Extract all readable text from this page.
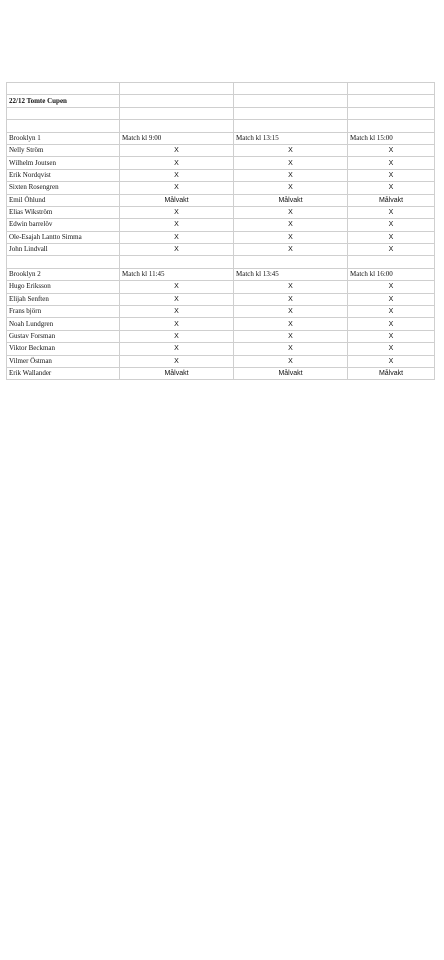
22/12 Tomte Cupen			

Brooklyn 1	Match kl 9:00	Match kl 13:15	Match kl 15:00
Nelly Ström	X	X	X
Wilhelm Joutsen	X	X	X
Erik Nordqvist	X	X	X
Sixten Rosengren	X	X	X
Emil Öhlund	Målvakt	Målvakt	Målvakt
Elias Wikström	X	X	X
Edwin barrelöv	X	X	X
Ole-Esajah Lantto Simma	X	X	X
John Lindvall	X	X	X

Brooklyn 2	Match kl 11:45	Match kl 13:45	Match kl 16:00
Hugo Eriksson	X	X	X
Elijah Senften	X	X	X
Frans björn	X	X	X
Noah Lundgren	X	X	X
Gustav Forsman	X	X	X
Viktor Beckman	X	X	X
Vilmer Östman	X	X	X
Erik Wallander	Målvakt	Målvakt	Målvakt
